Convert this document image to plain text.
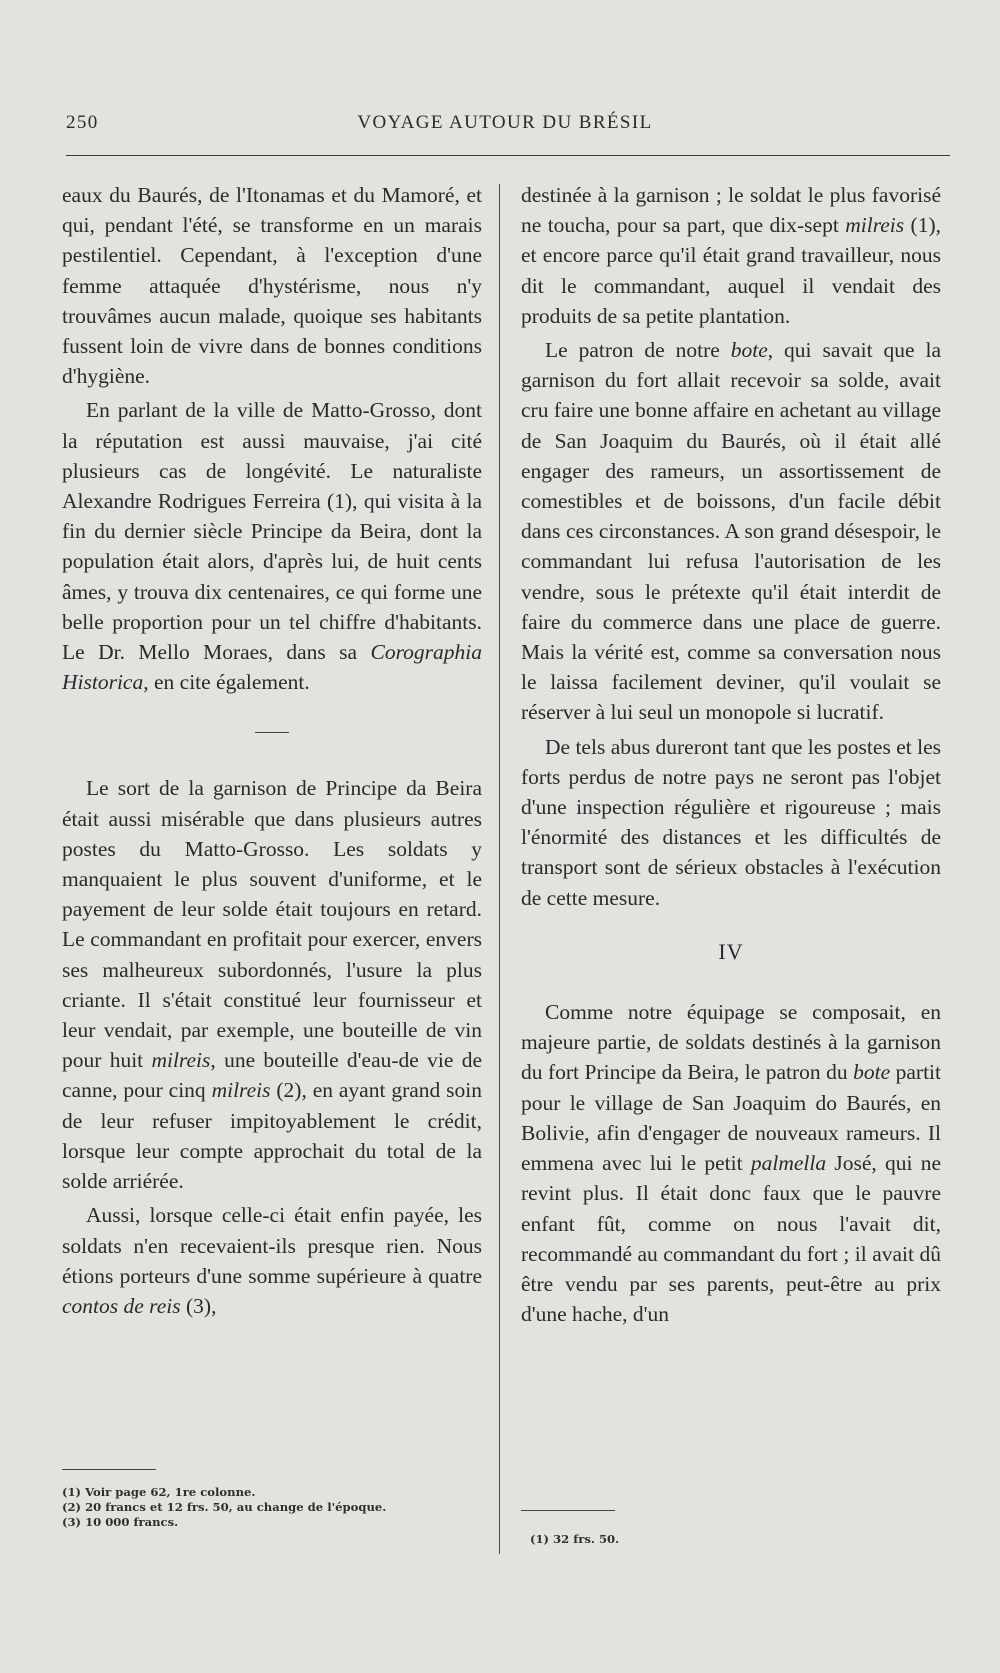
250	VOYAGE AUTOUR DU BRÉSIL

eaux du Baurés, de l'Itonamas et du Mamoré, et qui, pendant l'été, se transforme en un marais pestilentiel. Cependant, à l'exception d'une femme attaquée d'hystérisme, nous n'y trouvâmes aucun malade, quoique ses habitants fussent loin de vivre dans de bonnes conditions d'hygiène.

En parlant de la ville de Matto-Grosso, dont la réputation est aussi mauvaise, j'ai cité plusieurs cas de longévité. Le naturaliste Alexandre Rodrigues Ferreira (1), qui visita à la fin du dernier siècle Principe da Beira, dont la population était alors, d'après lui, de huit cents âmes, y trouva dix centenaires, ce qui forme une belle proportion pour un tel chiffre d'habitants. Le Dr. Mello Moraes, dans sa Corographia Historica, en cite également.

Le sort de la garnison de Principe da Beira était aussi misérable que dans plusieurs autres postes du Matto-Grosso. Les soldats y manquaient le plus souvent d'uniforme, et le payement de leur solde était toujours en retard. Le commandant en profitait pour exercer, envers ses malheureux subordonnés, l'usure la plus criante. Il s'était constitué leur fournisseur et leur vendait, par exemple, une bouteille de vin pour huit milreis, une bouteille d'eau-de vie de canne, pour cinq milreis (2), en ayant grand soin de leur refuser impitoyablement le crédit, lorsque leur compte approchait du total de la solde arriérée.

Aussi, lorsque celle-ci était enfin payée, les soldats n'en recevaient-ils presque rien. Nous étions porteurs d'une somme supérieure à quatre contos de reis (3),

(1) Voir page 62, 1re colonne.
(2) 20 francs et 12 frs. 50, au change de l'époque.
(3) 10 000 francs.

destinée à la garnison ; le soldat le plus favorisé ne toucha, pour sa part, que dix-sept milreis (1), et encore parce qu'il était grand travailleur, nous dit le commandant, auquel il vendait des produits de sa petite plantation.

Le patron de notre bote, qui savait que la garnison du fort allait recevoir sa solde, avait cru faire une bonne affaire en achetant au village de San Joaquim du Baurés, où il était allé engager des rameurs, un assortissement de comestibles et de boissons, d'un facile débit dans ces circonstances. A son grand désespoir, le commandant lui refusa l'autorisation de les vendre, sous le prétexte qu'il était interdit de faire du commerce dans une place de guerre. Mais la vérité est, comme sa conversation nous le laissa facilement deviner, qu'il voulait se réserver à lui seul un monopole si lucratif.

De tels abus dureront tant que les postes et les forts perdus de notre pays ne seront pas l'objet d'une inspection régulière et rigoureuse ; mais l'énormité des distances et les difficultés de transport sont de sérieux obstacles à l'exécution de cette mesure.

IV

Comme notre équipage se composait, en majeure partie, de soldats destinés à la garnison du fort Principe da Beira, le patron du bote partit pour le village de San Joaquim do Baurés, en Bolivie, afin d'engager de nouveaux rameurs. Il emmena avec lui le petit palmella José, qui ne revint plus. Il était donc faux que le pauvre enfant fût, comme on nous l'avait dit, recommandé au commandant du fort ; il avait dû être vendu par ses parents, peut-être au prix d'une hache, d'un

(1) 32 frs. 50.
